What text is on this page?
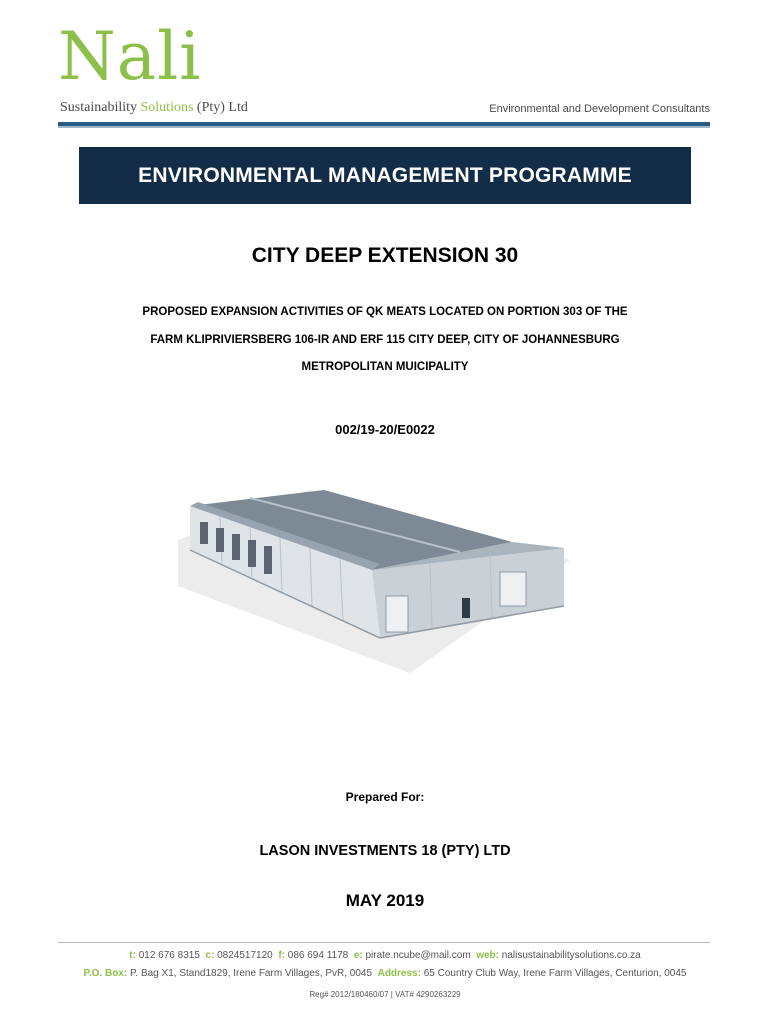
Nali
Sustainability Solutions (Pty) Ltd	Environmental and Development Consultants
ENVIRONMENTAL MANAGEMENT PROGRAMME
CITY DEEP EXTENSION 30
PROPOSED EXPANSION ACTIVITIES OF QK MEATS LOCATED ON PORTION 303 OF THE
FARM KLIPRIVIERSBERG 106-IR AND ERF 115 CITY DEEP, CITY OF JOHANNESBURG
METROPOLITAN MUICIPALITY
002/19-20/E0022
Prepared For:
LASON INVESTMENTS 18 (PTY) LTD
MAY 2019
t: 012 676 8315 c: 0824517120 f: 086 694 1178 e: pirate.ncube@mail.com web: nalisustainabilitysolutions.co.za
P.O. Box: P. Bag X1, Stand1829, Irene Farm Villages, PvR, 0045 Address: 65 Country Club Way, Irene Farm Villages, Centurion, 0045
Reg# 2012/180460/07 | VAT# 4290263229
